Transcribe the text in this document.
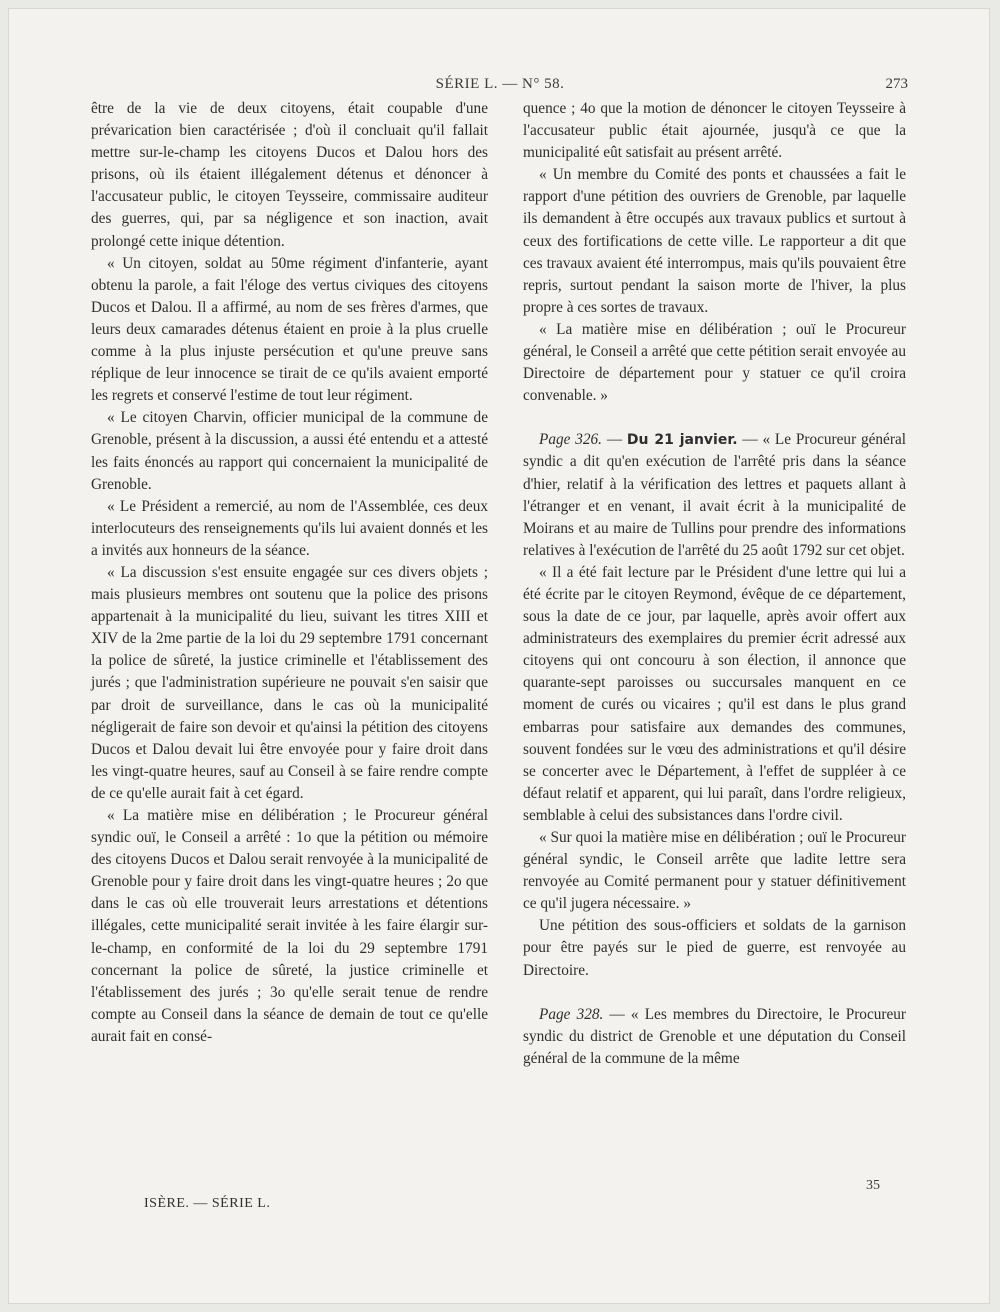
SÉRIE L. — N° 58.	273

être de la vie de deux citoyens, était coupable d'une prévarication bien caractérisée ; d'où il concluait qu'il fallait mettre sur-le-champ les citoyens Ducos et Dalou hors des prisons, où ils étaient illégalement détenus et dénoncer à l'accusateur public, le citoyen Teysseire, commissaire auditeur des guerres, qui, par sa négligence et son inaction, avait prolongé cette inique détention.

« Un citoyen, soldat au 50me régiment d'infanterie, ayant obtenu la parole, a fait l'éloge des vertus civiques des citoyens Ducos et Dalou. Il a affirmé, au nom de ses frères d'armes, que leurs deux camarades détenus étaient en proie à la plus cruelle comme à la plus injuste persécution et qu'une preuve sans réplique de leur innocence se tirait de ce qu'ils avaient emporté les regrets et conservé l'estime de tout leur régiment.

« Le citoyen Charvin, officier municipal de la commune de Grenoble, présent à la discussion, a aussi été entendu et a attesté les faits énoncés au rapport qui concernaient la municipalité de Grenoble.

« Le Président a remercié, au nom de l'Assemblée, ces deux interlocuteurs des renseignements qu'ils lui avaient donnés et les a invités aux honneurs de la séance.

« La discussion s'est ensuite engagée sur ces divers objets ; mais plusieurs membres ont soutenu que la police des prisons appartenait à la municipalité du lieu, suivant les titres XIII et XIV de la 2me partie de la loi du 29 septembre 1791 concernant la police de sûreté, la justice criminelle et l'établissement des jurés ; que l'administration supérieure ne pouvait s'en saisir que par droit de surveillance, dans le cas où la municipalité négligerait de faire son devoir et qu'ainsi la pétition des citoyens Ducos et Dalou devait lui être envoyée pour y faire droit dans les vingt-quatre heures, sauf au Conseil à se faire rendre compte de ce qu'elle aurait fait à cet égard.

« La matière mise en délibération ; le Procureur général syndic ouï, le Conseil a arrêté : 1o que la pétition ou mémoire des citoyens Ducos et Dalou serait renvoyée à la municipalité de Grenoble pour y faire droit dans les vingt-quatre heures ; 2o que dans le cas où elle trouverait leurs arrestations et détentions illégales, cette municipalité serait invitée à les faire élargir sur-le-champ, en conformité de la loi du 29 septembre 1791 concernant la police de sûreté, la justice criminelle et l'établissement des jurés ; 3o qu'elle serait tenue de rendre compte au Conseil dans la séance de demain de tout ce qu'elle aurait fait en consé-

quence ; 4o que la motion de dénoncer le citoyen Teysseire à l'accusateur public était ajournée, jusqu'à ce que la municipalité eût satisfait au présent arrêté.

« Un membre du Comité des ponts et chaussées a fait le rapport d'une pétition des ouvriers de Grenoble, par laquelle ils demandent à être occupés aux travaux publics et surtout à ceux des fortifications de cette ville. Le rapporteur a dit que ces travaux avaient été interrompus, mais qu'ils pouvaient être repris, surtout pendant la saison morte de l'hiver, la plus propre à ces sortes de travaux.

« La matière mise en délibération ; ouï le Procureur général, le Conseil a arrêté que cette pétition serait envoyée au Directoire de département pour y statuer ce qu'il croira convenable. »

Page 326. — Du 21 janvier. — « Le Procureur général syndic a dit qu'en exécution de l'arrêté pris dans la séance d'hier, relatif à la vérification des lettres et paquets allant à l'étranger et en venant, il avait écrit à la municipalité de Moirans et au maire de Tullins pour prendre des informations relatives à l'exécution de l'arrêté du 25 août 1792 sur cet objet.

« Il a été fait lecture par le Président d'une lettre qui lui a été écrite par le citoyen Reymond, évêque de ce département, sous la date de ce jour, par laquelle, après avoir offert aux administrateurs des exemplaires du premier écrit adressé aux citoyens qui ont concouru à son élection, il annonce que quarante-sept paroisses ou succursales manquent en ce moment de curés ou vicaires ; qu'il est dans le plus grand embarras pour satisfaire aux demandes des communes, souvent fondées sur le vœu des administrations et qu'il désire se concerter avec le Département, à l'effet de suppléer à ce défaut relatif et apparent, qui lui paraît, dans l'ordre religieux, semblable à celui des subsistances dans l'ordre civil.

« Sur quoi la matière mise en délibération ; ouï le Procureur général syndic, le Conseil arrête que ladite lettre sera renvoyée au Comité permanent pour y statuer définitivement ce qu'il jugera nécessaire. »

Une pétition des sous-officiers et soldats de la garnison pour être payés sur le pied de guerre, est renvoyée au Directoire.

Page 328. — « Les membres du Directoire, le Procureur syndic du district de Grenoble et une députation du Conseil général de la commune de la même

35
ISÈRE. — SÉRIE L.
